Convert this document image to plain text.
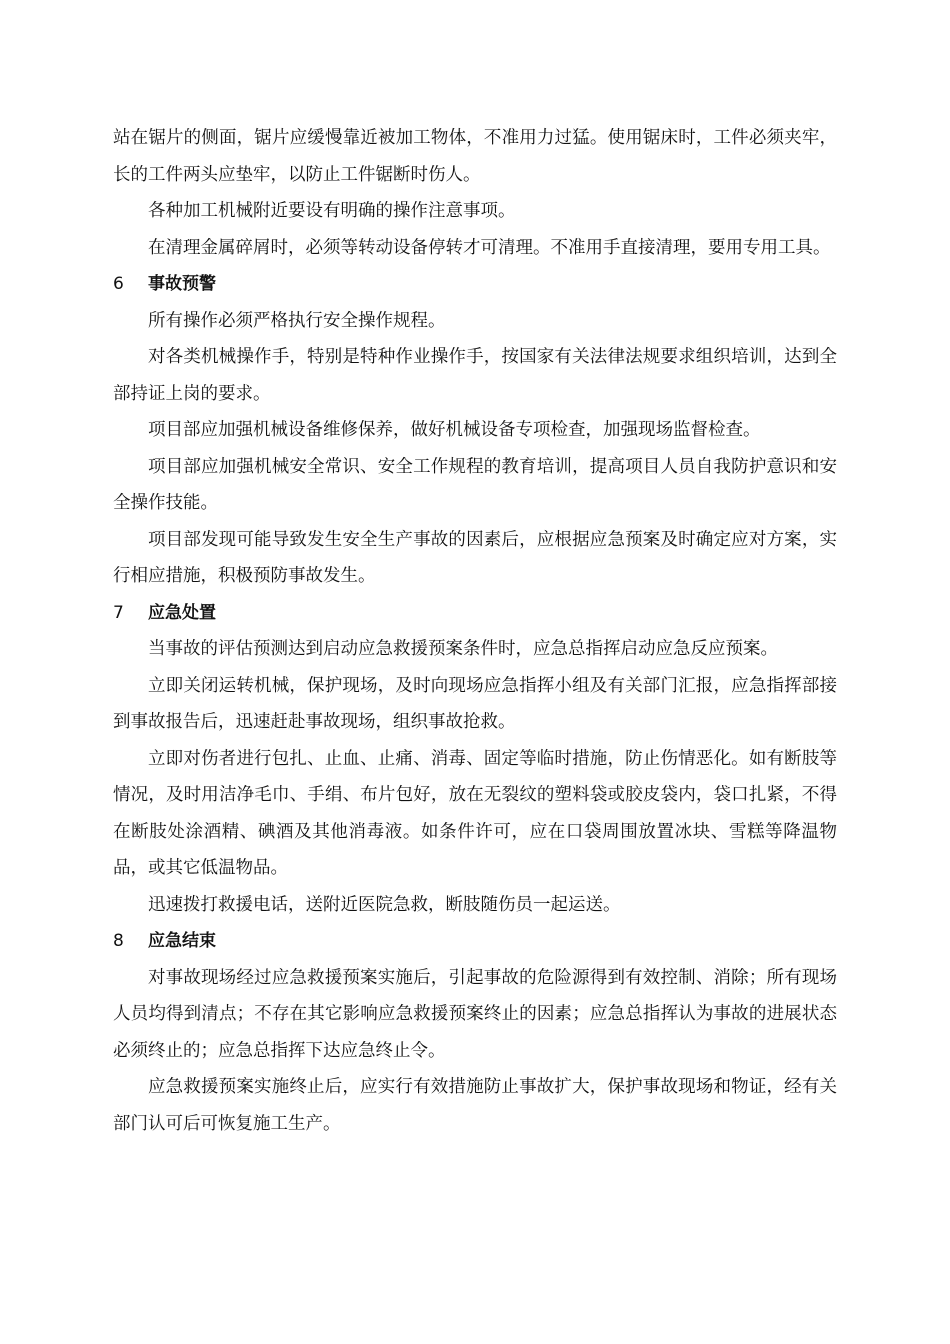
站在锯片的侧面，锯片应缓慢靠近被加工物体，不准用力过猛。使用锯床时，工件必须夹牢，长的工件两头应垫牢，以防止工件锯断时伤人。

各种加工机械附近要设有明确的操作注意事项。

在清理金属碎屑时，必须等转动设备停转才可清理。不准用手直接清理，要用专用工具。

6	事故预警

所有操作必须严格执行安全操作规程。

对各类机械操作手，特别是特种作业操作手，按国家有关法律法规要求组织培训，达到全部持证上岗的要求。

项目部应加强机械设备维修保养，做好机械设备专项检查，加强现场监督检查。

项目部应加强机械安全常识、安全工作规程的教育培训，提高项目人员自我防护意识和安全操作技能。

项目部发现可能导致发生安全生产事故的因素后，应根据应急预案及时确定应对方案，实行相应措施，积极预防事故发生。

7	应急处置

当事故的评估预测达到启动应急救援预案条件时，应急总指挥启动应急反应预案。

立即关闭运转机械，保护现场，及时向现场应急指挥小组及有关部门汇报，应急指挥部接到事故报告后，迅速赶赴事故现场，组织事故抢救。

立即对伤者进行包扎、止血、止痛、消毒、固定等临时措施，防止伤情恶化。如有断肢等情况，及时用洁净毛巾、手绢、布片包好，放在无裂纹的塑料袋或胶皮袋内，袋口扎紧，不得在断肢处涂酒精、碘酒及其他消毒液。如条件许可，应在口袋周围放置冰块、雪糕等降温物品，或其它低温物品。

迅速拨打救援电话，送附近医院急救，断肢随伤员一起运送。

8	应急结束

对事故现场经过应急救援预案实施后，引起事故的危险源得到有效控制、消除；所有现场人员均得到清点；不存在其它影响应急救援预案终止的因素；应急总指挥认为事故的进展状态必须终止的；应急总指挥下达应急终止令。

应急救援预案实施终止后，应实行有效措施防止事故扩大，保护事故现场和物证，经有关部门认可后可恢复施工生产。
